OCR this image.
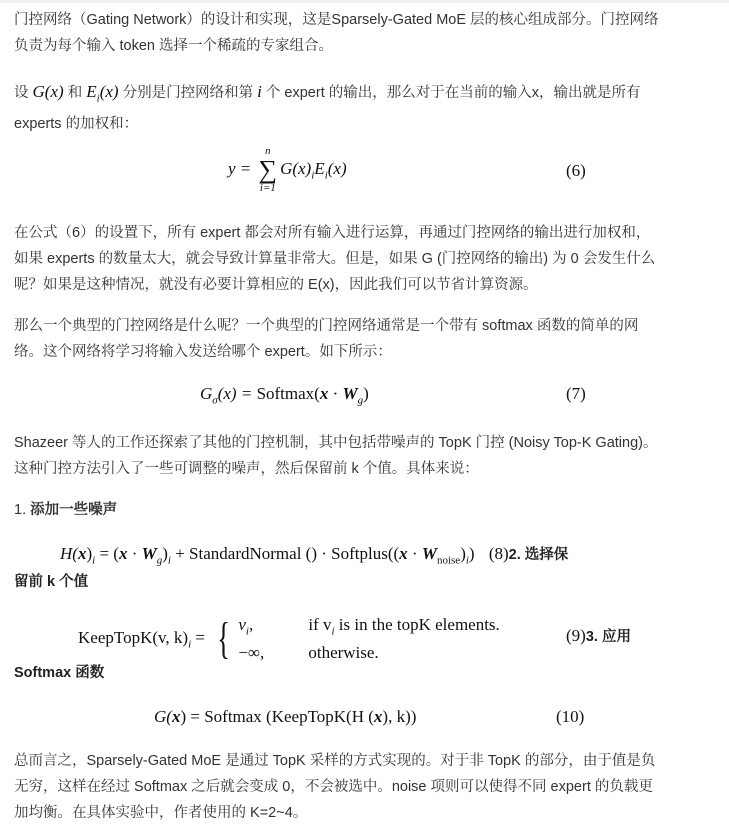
门控网络（Gating Network）的设计和实现，这是Sparsely-Gated MoE 层的核心组成部分。门控网络负责为每个输入 token 选择一个稀疏的专家组合。

设 G(x) 和 $E_i(x)$ 分别是门控网络和第 i 个 expert 的输出，那么对于在当前的输入x，输出就是所有 experts 的加权和：

y =
n
∑
i=1
$G(x)_iE_i(x)$	(6)

在公式（6）的设置下，所有 expert 都会对所有输入进行运算，再通过门控网络的输出进行加权和，如果 experts 的数量太大，就会导致计算量非常大。但是，如果 G (门控网络的输出) 为 0 会发生什么呢？如果是这种情况，就没有必要计算相应的 E(x)，因此我们可以节省计算资源。

那么一个典型的门控网络是什么呢？一个典型的门控网络通常是一个带有 softmax 函数的简单的网络。这个网络将学习将输入发送给哪个 expert。如下所示：

$G_\sigma(x)$ = Softmax(x · $W_g$)	(7)

Shazeer 等人的工作还探索了其他的门控机制，其中包括带噪声的 TopK 门控 (Noisy Top-K Gating)。这种门控方法引入了一些可调整的噪声，然后保留前 k 个值。具体来说：

1. 添加一些噪声

$H(x)_i = (x \cdot W_g)_i$ + StandardNormal () · Softplus((x · $W_{noise})_i$) (8)2. 选择保

留前 k 个值

KeepTopK(v, $k)_i$ = { $v_i$,	if $v_i$ is in the topK elements.
−∞,	otherwise.
(9)3. 应用

Softmax 函数

G(x) = Softmax (KeepTopK(H (x), k))	(10)

总而言之，Sparsely-Gated MoE 是通过 TopK 采样的方式实现的。对于非 TopK 的部分，由于值是负无穷，这样在经过 Softmax 之后就会变成 0，不会被选中。noise 项则可以使得不同 expert 的负载更加均衡。在具体实验中，作者使用的 K=2~4。
